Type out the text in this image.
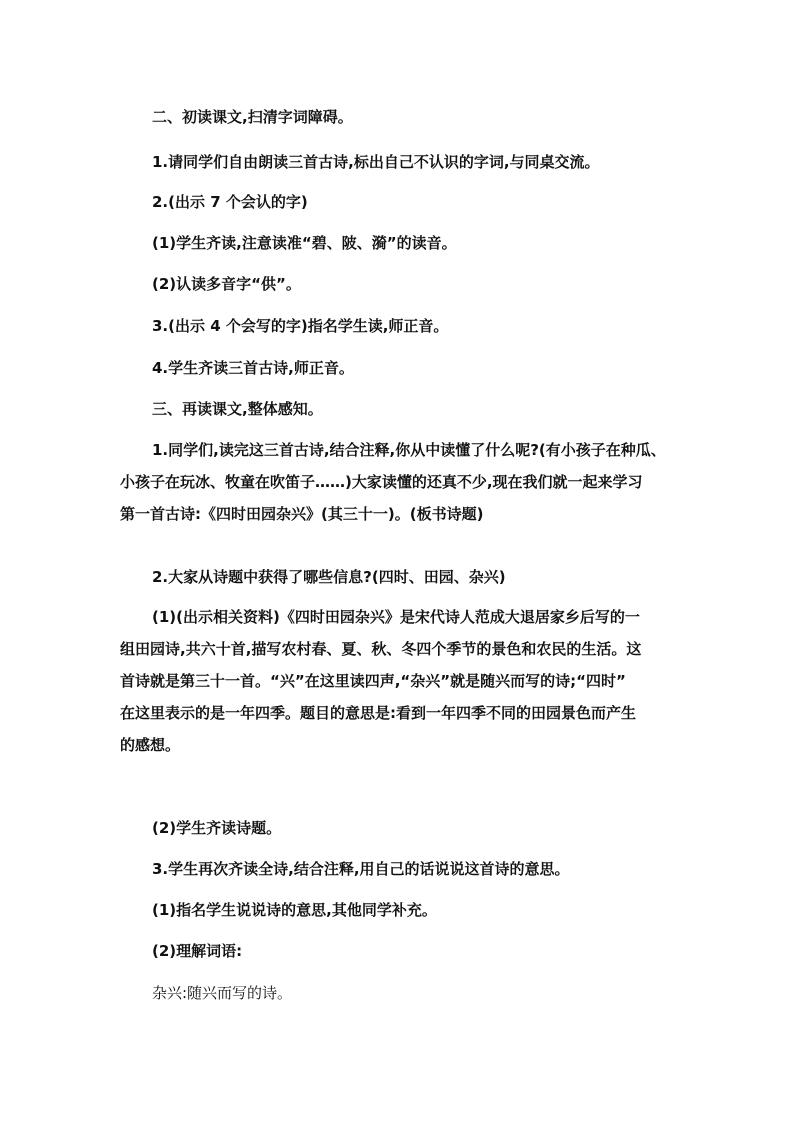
二、初读课文,扫清字词障碍。

1.请同学们自由朗读三首古诗,标出自己不认识的字词,与同桌交流。

2.(出示 7 个会认的字)

(1)学生齐读,注意读准“碧、陂、漪”的读音。

(2)认读多音字“供”。

3.(出示 4 个会写的字)指名学生读,师正音。

4.学生齐读三首古诗,师正音。

三、再读课文,整体感知。

1.同学们,读完这三首古诗,结合注释,你从中读懂了什么呢?(有小孩子在种瓜、
小孩子在玩冰、牧童在吹笛子……)大家读懂的还真不少,现在我们就一起来学习
第一首古诗:《四时田园杂兴》(其三十一)。(板书诗题)

2.大家从诗题中获得了哪些信息?(四时、田园、杂兴)

(1)(出示相关资料)《四时田园杂兴》是宋代诗人范成大退居家乡后写的一
组田园诗,共六十首,描写农村春、夏、秋、冬四个季节的景色和农民的生活。这
首诗就是第三十一首。“兴”在这里读四声,“杂兴”就是随兴而写的诗;“四时”
在这里表示的是一年四季。题目的意思是:看到一年四季不同的田园景色而产生
的感想。

(2)学生齐读诗题。

3.学生再次齐读全诗,结合注释,用自己的话说说这首诗的意思。

(1)指名学生说说诗的意思,其他同学补充。

(2)理解词语:

杂兴:随兴而写的诗。
